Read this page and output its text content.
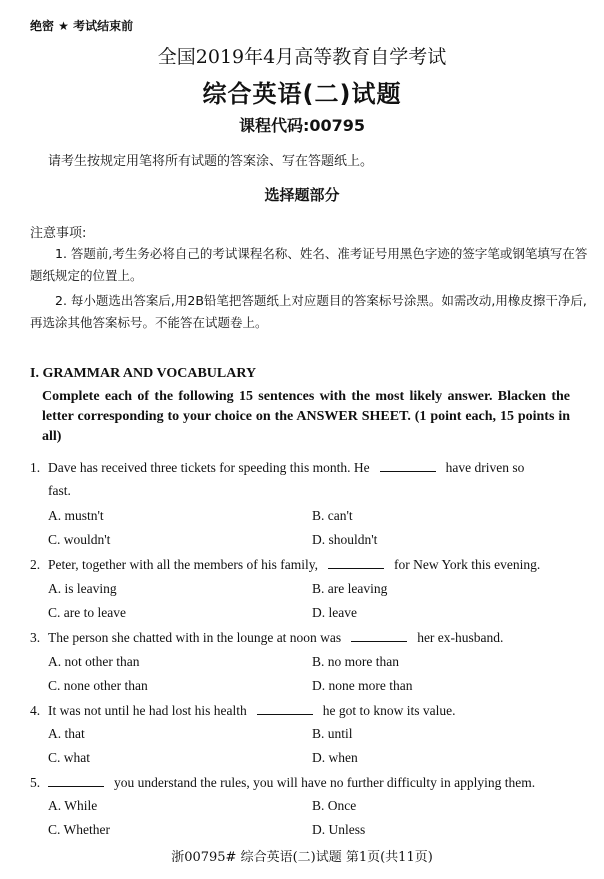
绝密 ★ 考试结束前
全国2019年4月高等教育自学考试
综合英语(二)试题
课程代码:00795
请考生按规定用笔将所有试题的答案涂、写在答题纸上。
选择题部分
注意事项:
1. 答题前,考生务必将自己的考试课程名称、姓名、准考证号用黑色字迹的签字笔或钢笔填写在答题纸规定的位置上。
2. 每小题选出答案后,用2B铅笔把答题纸上对应题目的答案标号涂黑。如需改动,用橡皮擦干净后,再选涂其他答案标号。不能答在试题卷上。
I. GRAMMAR AND VOCABULARY
Complete each of the following 15 sentences with the most likely answer. Blacken the letter corresponding to your choice on the ANSWER SHEET. (1 point each, 15 points in all)
1. Dave has received three tickets for speeding this month. He	have driven so
fast.
A. mustn't	B. can't
C. wouldn't	D. shouldn't
2. Peter, together with all the members of his family,	for New York this evening.
A. is leaving	B. are leaving
C. are to leave	D. leave
3. The person she chatted with in the lounge at noon was	her ex-husband.
A. not other than	B. no more than
C. none other than	D. none more than
4. It was not until he had lost his health	he got to know its value.
A. that	B. until
C. what	D. when
5.	you understand the rules, you will have no further difficulty in applying them.
A. While	B. Once
C. Whether	D. Unless
浙00795# 综合英语(二)试题 第1页(共11页)
